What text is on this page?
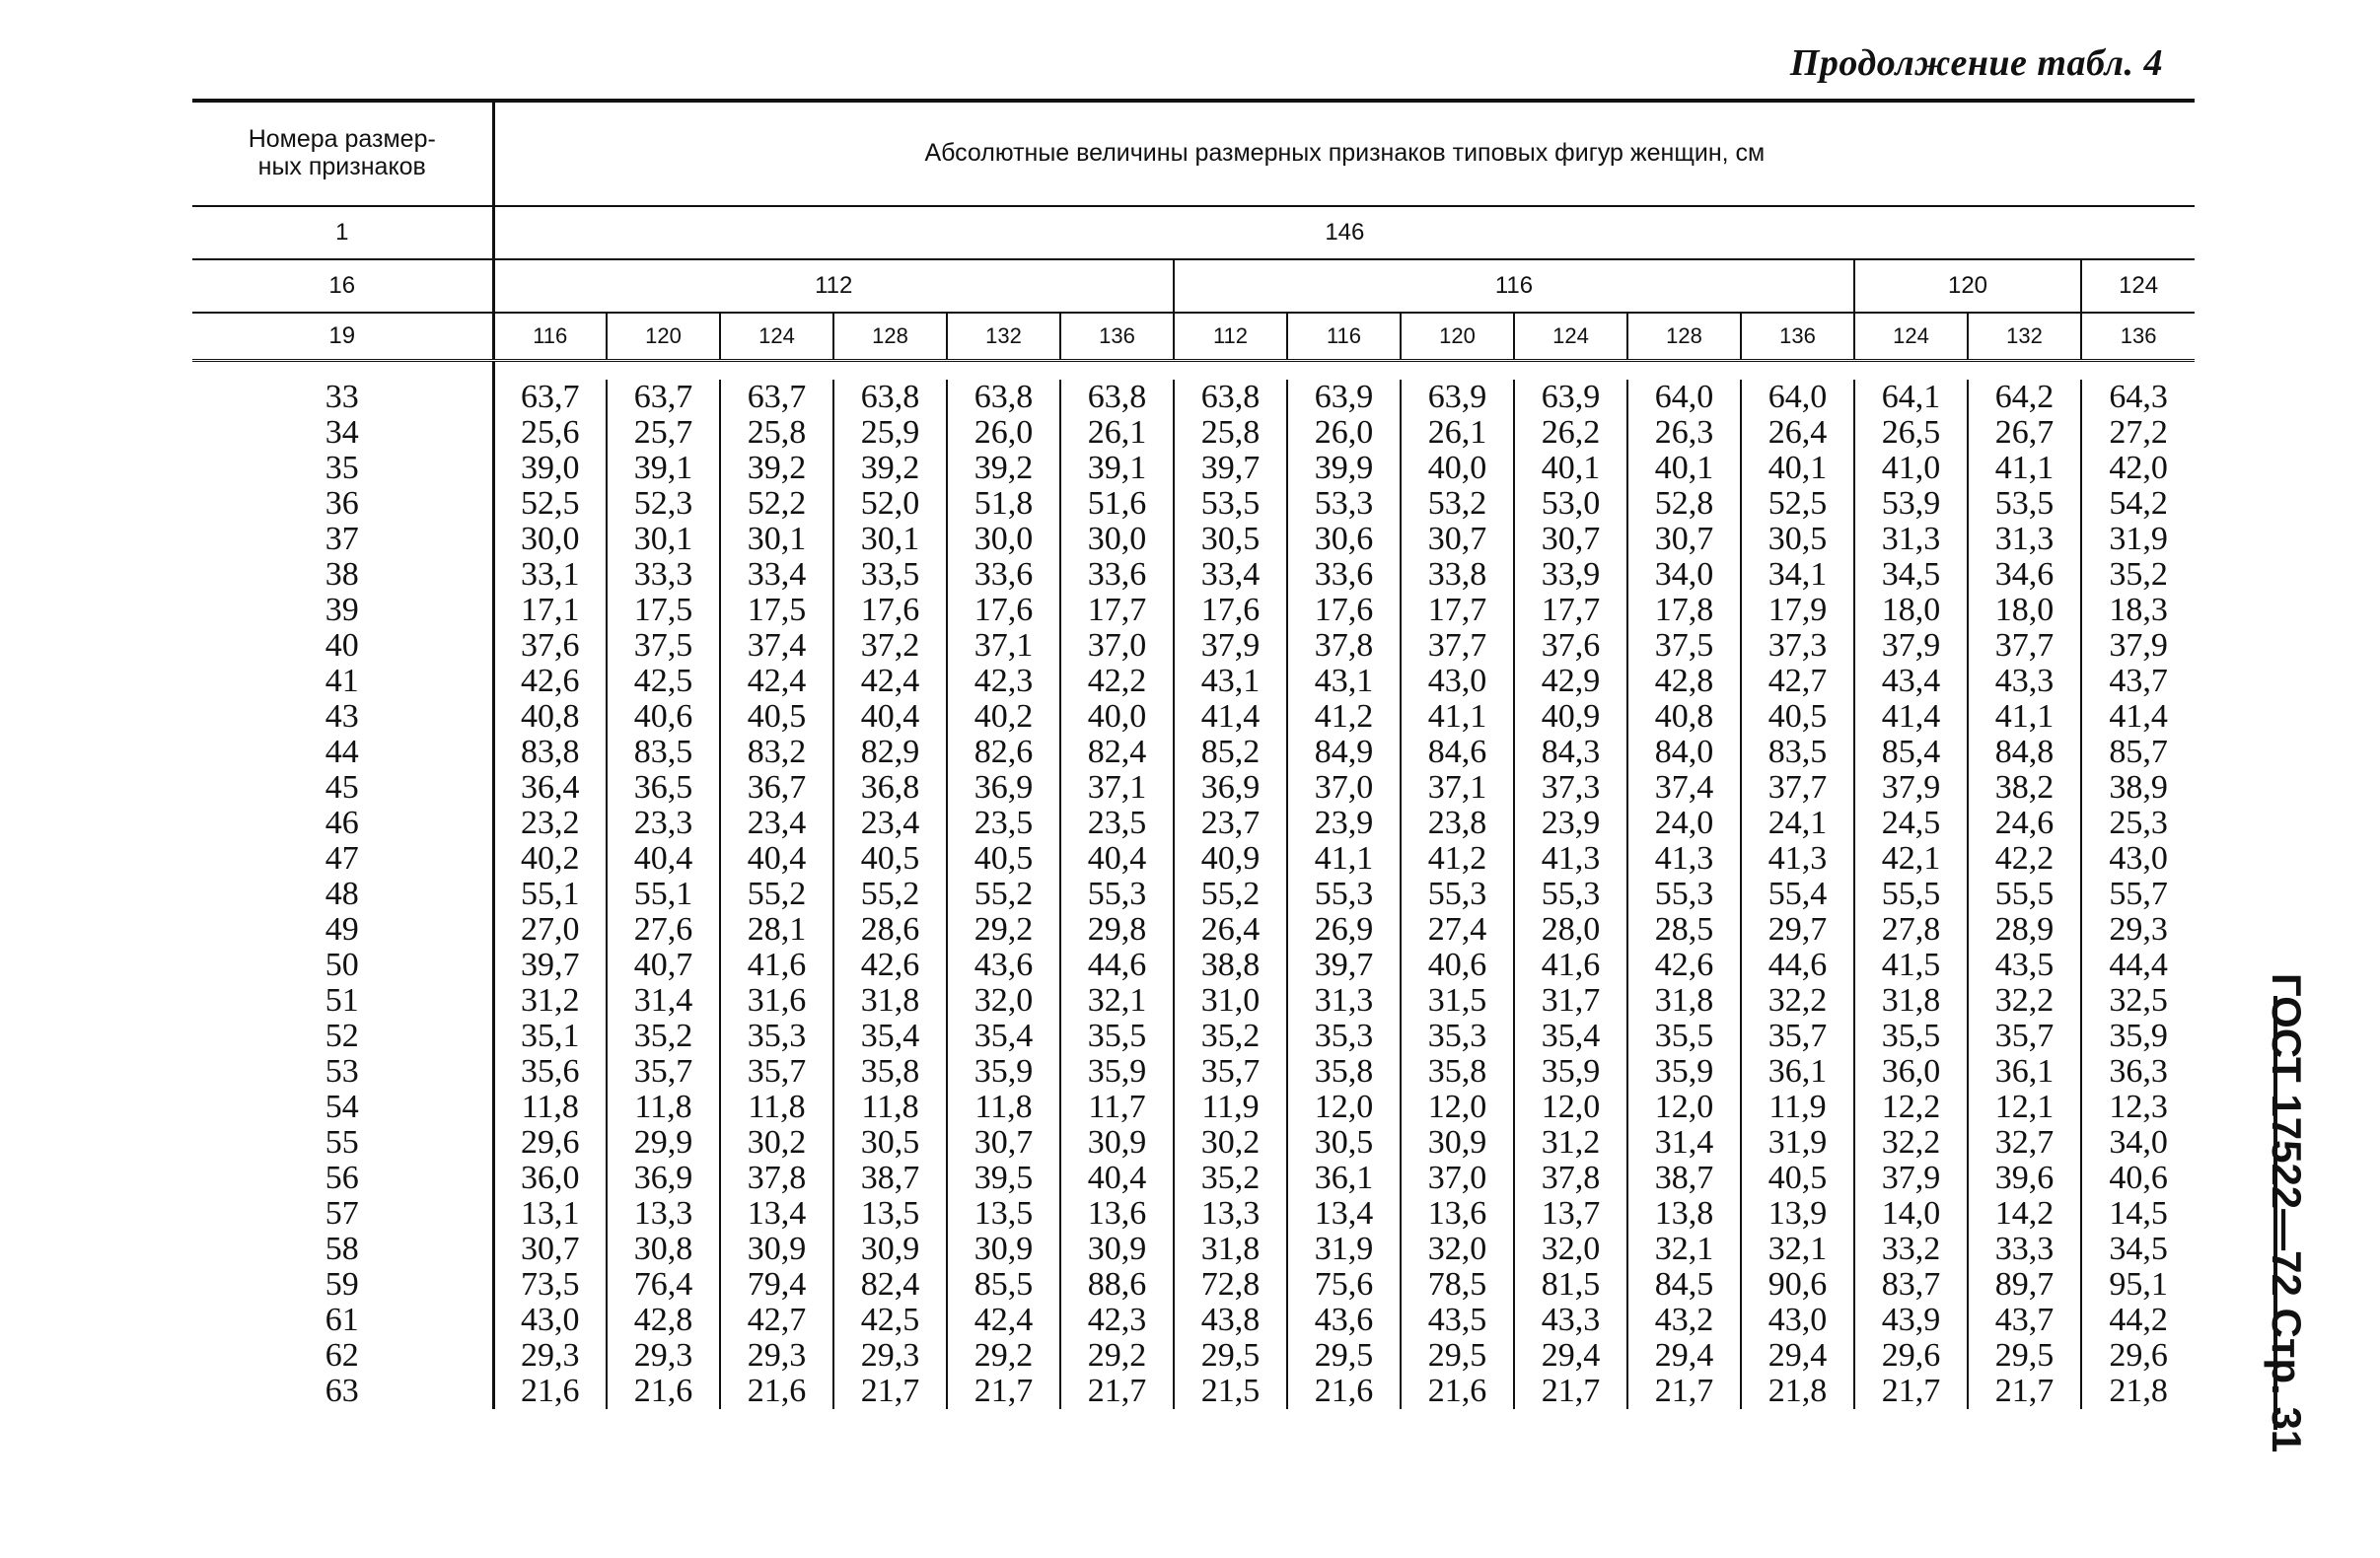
Продолжение табл. 4
Номера размер-
ных признаков	Абсолютные величины размерных признаков типовых фигур женщин, см														
1	146														
16	112						116						120		124
19	116	120	124	128	132	136	112	116	120	124	128	136	124	132	136

33	63,7	63,7	63,7	63,8	63,8	63,8	63,8	63,9	63,9	63,9	64,0	64,0	64,1	64,2	64,3
34	25,6	25,7	25,8	25,9	26,0	26,1	25,8	26,0	26,1	26,2	26,3	26,4	26,5	26,7	27,2
35	39,0	39,1	39,2	39,2	39,2	39,1	39,7	39,9	40,0	40,1	40,1	40,1	41,0	41,1	42,0
36	52,5	52,3	52,2	52,0	51,8	51,6	53,5	53,3	53,2	53,0	52,8	52,5	53,9	53,5	54,2
37	30,0	30,1	30,1	30,1	30,0	30,0	30,5	30,6	30,7	30,7	30,7	30,5	31,3	31,3	31,9
38	33,1	33,3	33,4	33,5	33,6	33,6	33,4	33,6	33,8	33,9	34,0	34,1	34,5	34,6	35,2
39	17,1	17,5	17,5	17,6	17,6	17,7	17,6	17,6	17,7	17,7	17,8	17,9	18,0	18,0	18,3
40	37,6	37,5	37,4	37,2	37,1	37,0	37,9	37,8	37,7	37,6	37,5	37,3	37,9	37,7	37,9
41	42,6	42,5	42,4	42,4	42,3	42,2	43,1	43,1	43,0	42,9	42,8	42,7	43,4	43,3	43,7
43	40,8	40,6	40,5	40,4	40,2	40,0	41,4	41,2	41,1	40,9	40,8	40,5	41,4	41,1	41,4
44	83,8	83,5	83,2	82,9	82,6	82,4	85,2	84,9	84,6	84,3	84,0	83,5	85,4	84,8	85,7
45	36,4	36,5	36,7	36,8	36,9	37,1	36,9	37,0	37,1	37,3	37,4	37,7	37,9	38,2	38,9
46	23,2	23,3	23,4	23,4	23,5	23,5	23,7	23,9	23,8	23,9	24,0	24,1	24,5	24,6	25,3
47	40,2	40,4	40,4	40,5	40,5	40,4	40,9	41,1	41,2	41,3	41,3	41,3	42,1	42,2	43,0
48	55,1	55,1	55,2	55,2	55,2	55,3	55,2	55,3	55,3	55,3	55,3	55,4	55,5	55,5	55,7
49	27,0	27,6	28,1	28,6	29,2	29,8	26,4	26,9	27,4	28,0	28,5	29,7	27,8	28,9	29,3
50	39,7	40,7	41,6	42,6	43,6	44,6	38,8	39,7	40,6	41,6	42,6	44,6	41,5	43,5	44,4
51	31,2	31,4	31,6	31,8	32,0	32,1	31,0	31,3	31,5	31,7	31,8	32,2	31,8	32,2	32,5
52	35,1	35,2	35,3	35,4	35,4	35,5	35,2	35,3	35,3	35,4	35,5	35,7	35,5	35,7	35,9
53	35,6	35,7	35,7	35,8	35,9	35,9	35,7	35,8	35,8	35,9	35,9	36,1	36,0	36,1	36,3
54	11,8	11,8	11,8	11,8	11,8	11,7	11,9	12,0	12,0	12,0	12,0	11,9	12,2	12,1	12,3
55	29,6	29,9	30,2	30,5	30,7	30,9	30,2	30,5	30,9	31,2	31,4	31,9	32,2	32,7	34,0
56	36,0	36,9	37,8	38,7	39,5	40,4	35,2	36,1	37,0	37,8	38,7	40,5	37,9	39,6	40,6
57	13,1	13,3	13,4	13,5	13,5	13,6	13,3	13,4	13,6	13,7	13,8	13,9	14,0	14,2	14,5
58	30,7	30,8	30,9	30,9	30,9	30,9	31,8	31,9	32,0	32,0	32,1	32,1	33,2	33,3	34,5
59	73,5	76,4	79,4	82,4	85,5	88,6	72,8	75,6	78,5	81,5	84,5	90,6	83,7	89,7	95,1
61	43,0	42,8	42,7	42,5	42,4	42,3	43,8	43,6	43,5	43,3	43,2	43,0	43,9	43,7	44,2
62	29,3	29,3	29,3	29,3	29,2	29,2	29,5	29,5	29,5	29,4	29,4	29,4	29,6	29,5	29,6
63	21,6	21,6	21,6	21,7	21,7	21,7	21,5	21,6	21,6	21,7	21,7	21,8	21,7	21,7	21,8 ГОСТ 17522—72 Стр. 31
